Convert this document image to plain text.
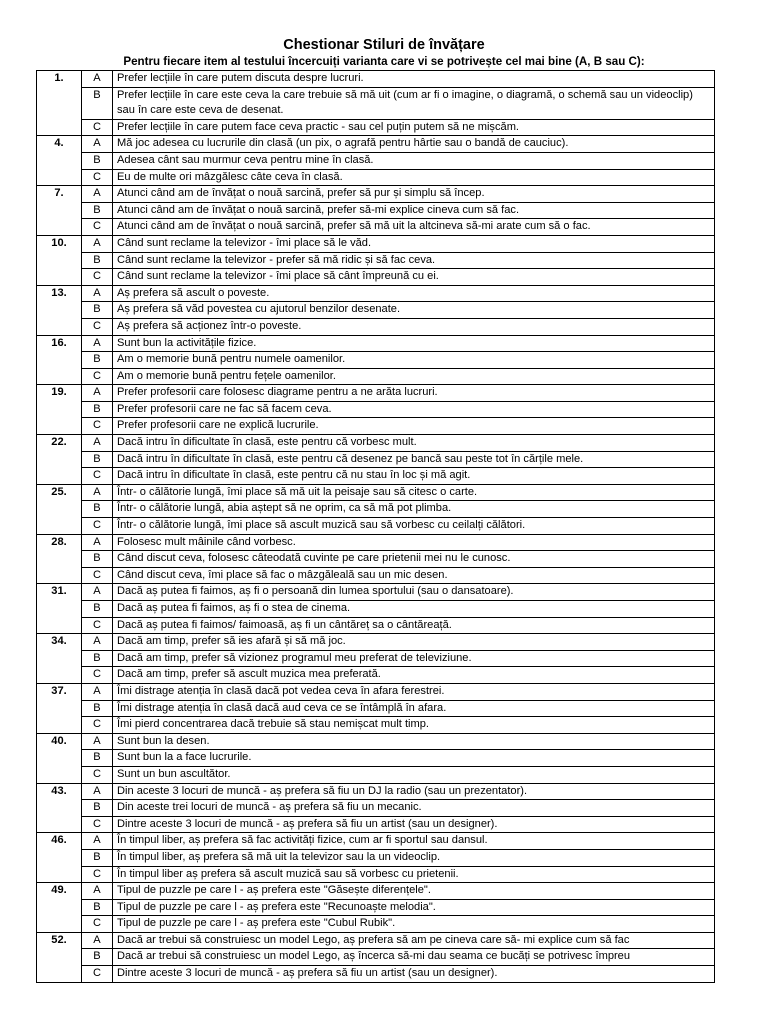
Chestionar Stiluri de învățare
Pentru fiecare item al testului încercuiți varianta care vi se potrivește cel mai bine (A, B sau C):
1.	A	Prefer lecțiile în care putem discuta despre lucruri.
	B	Prefer lecțiile în care este ceva la care trebuie să mă uit (cum ar fi o imagine, o diagramă, o schemă sau un videoclip) sau în care este ceva de desenat.
	C	Prefer lecțiile în care putem face ceva practic - sau cel puțin putem să ne mișcăm.
4.	A	Mă joc adesea cu lucrurile din clasă (un pix, o agrafă pentru hârtie sau o bandă de cauciuc).
	B	Adesea cânt sau murmur ceva pentru mine în clasă.
	C	Eu de multe ori mâzgălesc câte ceva în clasă.
7.	A	Atunci când am de învățat o nouă sarcină, prefer să pur și simplu să încep.
	B	Atunci când am de învățat o nouă sarcină, prefer să-mi explice cineva cum să fac.
	C	Atunci când am de învățat o nouă sarcină, prefer să mă uit la altcineva să-mi arate cum să o fac.
10.	A	Când sunt reclame la televizor - îmi place să le văd.
	B	Când sunt reclame la televizor - prefer să mă ridic și să fac ceva.
	C	Când sunt reclame la televizor - îmi place să cânt împreună cu ei.
13.	A	Aș prefera să ascult o poveste.
	B	Aș prefera să văd povestea cu ajutorul benzilor desenate.
	C	Aș prefera să acționez într-o poveste.
16.	A	Sunt bun la activitățile fizice.
	B	Am o memorie bună pentru numele oamenilor.
	C	Am o memorie bună pentru fețele oamenilor.
19.	A	Prefer profesorii care folosesc diagrame pentru a ne arăta lucruri.
	B	Prefer profesorii care ne fac să facem ceva.
	C	Prefer profesorii care ne explică lucrurile.
22.	A	Dacă intru în dificultate în clasă, este pentru că vorbesc mult.
	B	Dacă intru în dificultate în clasă, este pentru că desenez pe bancă sau peste tot în cărțile mele.
	C	Dacă intru în dificultate în clasă, este pentru că nu stau în loc și mă agit.
25.	A	Într- o călătorie lungă, îmi place să mă uit la peisaje sau să citesc o carte.
	B	Într- o călătorie lungă, abia aștept să ne oprim, ca să mă pot plimba.
	C	Într- o călătorie lungă, îmi place să ascult muzică sau să vorbesc cu ceilalți călători.
28.	A	Folosesc mult mâinile când vorbesc.
	B	Când discut ceva, folosesc câteodată cuvinte pe care prietenii mei nu le cunosc.
	C	Când discut ceva, îmi place să fac o mâzgăleală sau un mic desen.
31.	A	Dacă aș putea fi faimos, aș fi o persoană din lumea sportului (sau o dansatoare).
	B	Dacă aș putea fi faimos, aș fi o stea de cinema.
	C	Dacă aș putea fi faimos/ faimoasă, aș fi un cântăreț sa o cântăreață.
34.	A	Dacă am timp, prefer să ies afară și să mă joc.
	B	Dacă am timp, prefer să vizionez programul meu preferat de televiziune.
	C	Dacă am timp, prefer să ascult muzica mea preferată.
37.	A	Îmi distrage atenția în clasă dacă pot vedea ceva în afara ferestrei.
	B	Îmi distrage atenția în clasă dacă aud ceva ce se întâmplă în afara.
	C	Îmi pierd concentrarea dacă trebuie să stau nemișcat mult timp.
40.	A	Sunt bun la desen.
	B	Sunt bun la a face lucrurile.
	C	Sunt un bun ascultător.
43.	A	Din aceste 3 locuri de muncă - aș prefera să fiu un DJ la radio (sau un prezentator).
	B	Din aceste trei locuri de muncă - aș prefera să fiu un mecanic.
	C	Dintre aceste 3 locuri de muncă - aș prefera să fiu un artist (sau un designer).
46.	A	În timpul liber, aș prefera să fac activități fizice, cum ar fi sportul sau dansul.
	B	În timpul liber, aș prefera să mă uit la televizor sau la un videoclip.
	C	În timpul liber aș prefera să ascult muzică sau să vorbesc cu prietenii.
49.	A	Tipul de puzzle pe care l - aș prefera este "Găsește diferențele".
	B	Tipul de puzzle pe care l - aș prefera este "Recunoaște melodia".
	C	Tipul de puzzle pe care l - aș prefera este "Cubul Rubik".
52.	A	Dacă ar trebui să construiesc un model Lego, aș prefera să am pe cineva care să- mi explice cum să fac
	B	Dacă ar trebui să construiesc un model Lego, aș încerca să-mi dau seama ce bucăți se potrivesc împreu
	C	Dintre aceste 3 locuri de muncă - aș prefera să fiu un artist (sau un designer).
